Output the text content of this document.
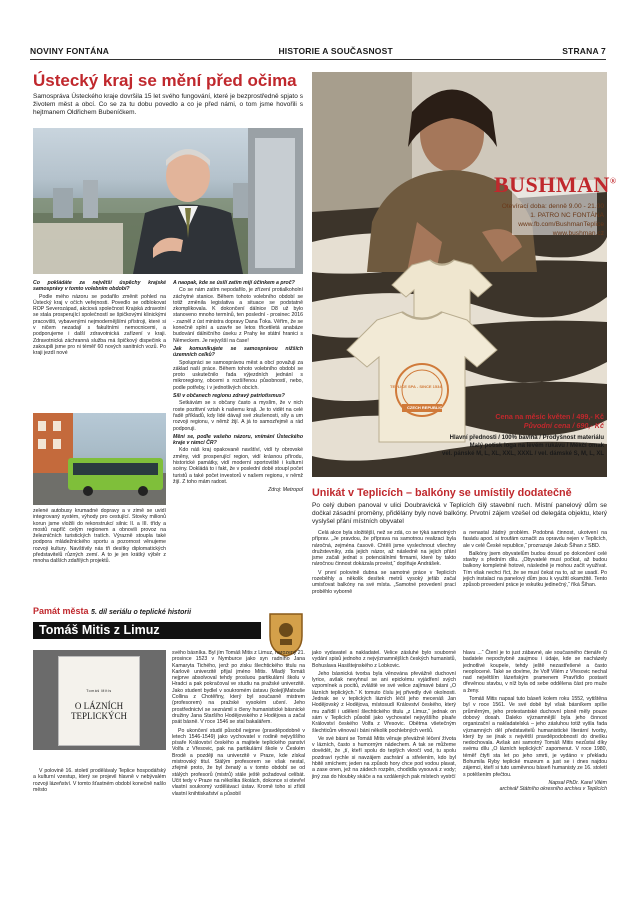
NOVINY FONTÁNA	HISTORIE A SOUČASNOST	STRANA 7
Ústecký kraj se mění před očima
Samospráva Ústeckého kraje dovršila 15 let svého fungování, které je bezprostředně spjato s životem měst a obcí. Co se za tu dobu povedlo a co je před námi, o tom jsme hovořili s hejtmanem Oldřichem Bubeníčkem.
Co pokládáte za největší úspěchy krajské samosprávy v tomto volebním období?

Podle mého názoru se podařilo změnit pohled na Ústecký kraj v očích veřejnosti. Povedlo se odblokovat ROP Severozápad, akciová společnost Krajská zdravotní se stala prosperující společností se špičkovými klinickými pracovišti, vybavenými nejmodernějšími přístroji, které si v ničem nezadají s fakultními nemocnicemi, a podporujeme i další zdravotnická zařízení v kraji. Zdravotnická záchranná služba má špičkový dispečink a zakoupili jsme pro ni téměř 60 nových sanitních vozů. Po kraji jezdí nové

zelené autobusy krumadné dopravy a v zimě se uvidí integrovaný systém, výhody pro cestující. Stovky milionů korun jsme vložili do rekonstrukcí silnic II. a III. třídy a mostů napříč celým regionem a obnovili provoz na železničních turistických tratích. Výrazně stoupla také podpora mládežnického sportu a pozornost věnujeme rozvoji kultury. Navštívily nás tři desítky diplomatických představitelů různých zemí. A to je jen krátký výběr z mnoha dalších zdařilých projektů.

A naopak, kde se úsilí zatím mijí účinkem a proč?

Co se nám zatím nepodařilo, je zřízení protialkoholní záchytné stanice. Během tohoto volebního období se totiž změnila legislativa a situace se podstatně zkomplikovala. K dokončení dálnice D8 už bylo stanoveno mnoho termínů, ten poslední - prosinec 2016 - zazněl z úst ministra dopravy Dana Ťoka. Věřím, že se konečně splní a uzavře se letos třicetiletá anabáze budování dálničního úseku z Prahy ke státní hranici s Německem. Je nejvyšší na čase!

Jak komunikujete se samosprávou nižších územních celků?

Spolupráci se samosprávou měst a obcí považuji za základ naší práce. Během tohoto volebního období se proto uskutečnilo řada výjezdních jednání s mikroregiony, obcemi s rozšířenou působností, nebo, podle potřeby, i v jednotlivých obcích.

Síli v občanech regionu zdravý patriotismus?

Setkávám se s občany často a myslím, že v nich roste pozitivní vztah k našemu kraji. Je to vidět na celé řadě příkladů, kdy lidé dávají své zkušenosti, síly a um rozvoji regionu, v němž žijí. A já to samozřejmě a rád podporuji.

Měni se, podle vašeho názoru, vnímání Ústeckého kraje v rámci ČR?

Kdo náš kraj opakovaně navštíví, vidí ty obrovské změny, vidí prosperující region, vidí krásnou přírodu, historické památky, vidí moderní sportoviště i kulturní scény. Dokládá to i fakt, že v poslední době stoupl počet turistů a také počet investorů v našem regionu, v němž žijí. Z toho mám radost.

Zdroj: Metropol
BUSHMAN®
Otevírací doba: denně 9.00 - 21.00
1. PATRO NC FONTÁNA
www.fb.com/BushmanTeplice
www.bushman.cz
TEPLICE SPA - SINCE 1534
CZECH REPUBLIC
Cena na měsíc květen / 499,- Kč
Původní cena / 690,- Kč
Hlavní přednosti / 100% bavlna / Prodyšnost materiálu
Malý potisk loga na levém rukávu / Měkčí omak
vel. pánské M, L, XL, XXL, XXXL / vel. dámské S, M, L, XL
Unikát v Teplicích – balkóny se umístily dodatečně
Po celý duben panoval v ulici Doubravická v Teplicích čilý stavební ruch. Místní panelový dům se dočkal zásadní proměny, přidělány byly nové balkóny. Prvotní zájem vzešel od delegáta objektu, který vyslyšel přání místních obyvatel

Celá akce byla složitější, než se zdá, co se týká samotných příprav. „Je pravdou, že příprava na samotnou realizaci byla náročná, zejména časově. Chtěli jsme vyslechnout všechny družstevníky, zda jejich názor, až následně na jejich přání jsme začali jednat s potenciálními firmami, které by takto náročnou činnost dokázala provést,“ doplňuje Andrášek.

V první polovině dubna se samotné práce v Teplicích rozeběhly a několik desítek metrů vysoký jeřáb začal umisťovat balkóny na své místa. „Samotné provedení prací proběhlo vyborně

a nenastal žádný problém. Podobná činnost, ukotvení na fasádu apod. si troufám označit za opravdu nejen v Teplicích, ale v celé České republice,“ prozrazuje Jakub Šíhan z SBD.

Balkóny jsem obyvatelům budou dosud po dokončení celé stavby s předním dílu. „Obyvatelé musí počkat, až budou balkony kompletně hotové, následně je mohou začít využívat. Tím však nechci říct, že se musí čekat na to, až se usadí. Po jejich instalaci na panelový dům jsou k využití okamžitě. Tento způsob provedení práce je vskutku jedinečný,“ říká Šíhan.

Památ města 5. díl seriálu o teplické historii
Tomáš Mitis z Limuz
Tomáš Mitis
O LÁZNÍCH TEPLICKÝCH

V polovině 16. století prodělávaly Teplice hospodářský a kulturní vzestup, který se projevil hlavně v nebývalém rozvoji lázeňství. V tomto šťastném období konečně našlo město

svého básníka. Byl jím Tomáš Mitis z Limuz, narozený 21. prosince 1523 v Nymburce jako syn radního Jana Kamaryta Tichého, jenž po zisku šlechtického titulu na Karlově univerzitě přijal jméno Mitis. Mladý Tomáš nejprve absolvoval tehdy prosluou partikulární školu v Hradci a pak pokračoval ve studiu na pražské univerzitě. Jako student bydlel v soukromém ústavu (koleji)Matouše Collina z Chotěřiny, který byl současně mistrem (profesorem) na pražské vysokém učení. Jeho prostřednictví se seznámil s členy humanistické básnické družiny Jana Staršího Hodějovského z Hodějova a začal psát básně. V roce 1546 se stal bakalářem.

Po ukončení studií působil nejprve (pravděpodobně v letech 1546-1549) jako vychovatel v rodině nejvyššího písaře Království českého a majitele teplického panství Volfa z Vřesovic, pak na partikulární škole v Českém Brodě a později na univerzitě v Praze, kde získal mistrovský titul. Stálým profesorem se však nestal, zřejmě proto, že byl ženatý a v tomto období se od stálých profesorů (mistrů) stále ještě požadoval celibát. Učit tedy v Praze na několika školách, dokonce si otevřel vlastní soukromý vzdělávací ústav. Kromě toho si zřídil vlastní knihtiskařství a působil

jako vydavatel a nakladatel. Velice zásluhé bylo souborné vydání spisů jednoho z nejvýznamnějších českých humanistů, Bohuslava Hasištejnského z Lobkovic.

Jeho básnická tvorba byla věnována převážně duchovní lyrice, avšak nevyhnul se ani epickému vyjádření svých vzpomínek a pocitů, zvláště ve své velice zajímavé básni „O lázních teplických.“ K tomuto číslu jej přivedly dvě okolnosti. Jednak se v teplických lázních léčil jeho mecenáš Jan Hodějovský z Hodějova, místosudí Království českého, který mu zařídil i udělení šlechtického titulu „z Limuz,“ jednak on sám v Teplicích působil jako vychovatel nejvyššího písaře Království českého Volfa z Vřesovic. Obětma všetečným šlechticům věnoval i báni několik pochlebných veršů.

Ve své básni se Tomáš Mitis věnuje převážně léčení žívota v lázních, často s humorným nádechem. A tak se můžeme dovědět, že „tí, kteří spolu do teplých vkročí vod, tu spolu pozdraví rychle si navzájem zachrání a střelením, kdo byl hbitě smíchem; jeden na způsob hory chce pod vodou plavat, a zase onen, jež na zádech rozpěn, chodidla vysouvá z vody; jiný zas do hloubky skáče a na vzdálených pak místech vystrčí

hlavu ...“ Čtení je to just zábavné, ale současného čtenáře či badatele nepochybně zaujmou i údaje, kde se nacházely jednotlivé koupele, tehdy ještě nezastřešené a často neoplocené. Také se dovíme, že Volf Vilém z Vřesovic nechal nad největším lázeňským pramenem Pravřídlo postavit dřevěnou stavbu, v níž byla od sebe oddělena část pro muže a ženy.

Tomáš Mitis napsal tuto báseň kolem roku 1552, vytištěna byl v roce 1561. Ve své době byl však básníkem spíše průměrným, jeho protestantské duchovní písně měly pouze dobový dosah. Daleko významnější byla jeho činnost organizační a nakladatelská – jeho zásluhou totiž vyšla řada významných děl představitelů humanistické literární tvorby, který by se jinak s největší pravděpodobností do dnešku nedochovala. Avšak ani samotný Tomáš Mitis nezůstal díky svému dílu „O lázních teplických“ zapomenut. V roce 1980, téměř čtyři sta let po jeho smrti, je vydáno v překladu Bohumila Ryby teplické muzeum a just se i dnes najdou zájemci, kteří si tuto usměvnou báseň humanisty ze 16. století s potěšením přečtou.

Napsal PhDr. Karel Vilém
archivář Státního okresního archivu v Teplicích
